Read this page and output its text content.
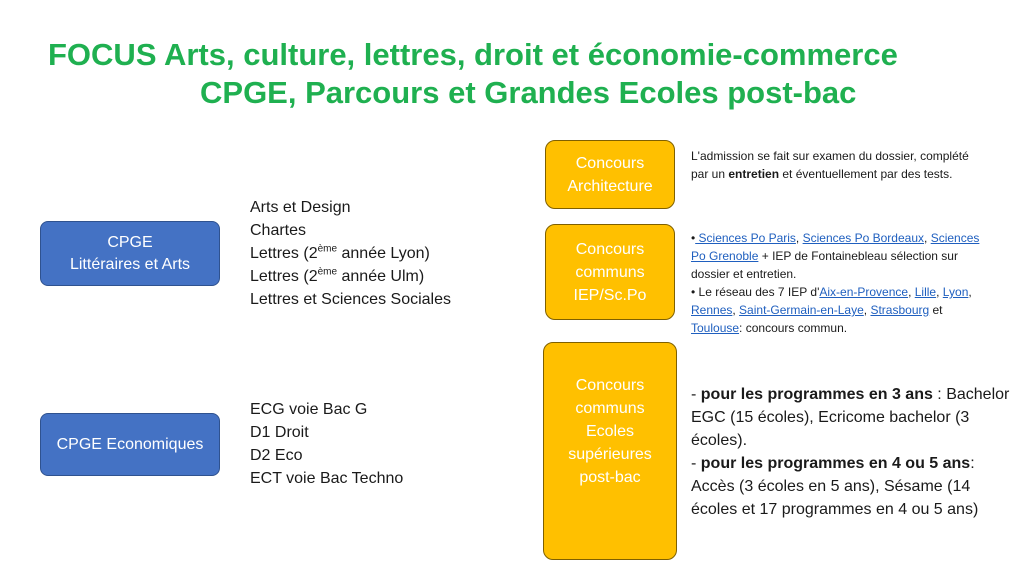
FOCUS Arts, culture, lettres, droit et économie-commerce
CPGE, Parcours et Grandes Ecoles post-bac
CPGE
Littéraires et Arts
Arts et Design
Chartes
Lettres (2ème année Lyon)
Lettres (2ème année Ulm)
Lettres et Sciences Sociales
CPGE Economiques
ECG voie Bac G
D1 Droit
D2 Eco
ECT voie Bac Techno
Concours
Architecture
L'admission se fait sur examen du dossier, complété par un entretien et éventuellement par des tests.
Concours
communs
IEP/Sc.Po
• Sciences Po Paris, Sciences Po Bordeaux, Sciences Po Grenoble + IEP de Fontainebleau sélection sur dossier et entretien.
• Le réseau des 7 IEP d'Aix-en-Provence, Lille, Lyon, Rennes, Saint-Germain-en-Laye, Strasbourg et Toulouse: concours commun.
Concours
communs
Ecoles
supérieures
post-bac
- pour les programmes en 3 ans : Bachelor EGC (15 écoles), Ecricome bachelor (3 écoles).
- pour les programmes en 4 ou 5 ans: Accès (3 écoles en 5 ans), Sésame (14 écoles et 17 programmes en 4 ou 5 ans)
